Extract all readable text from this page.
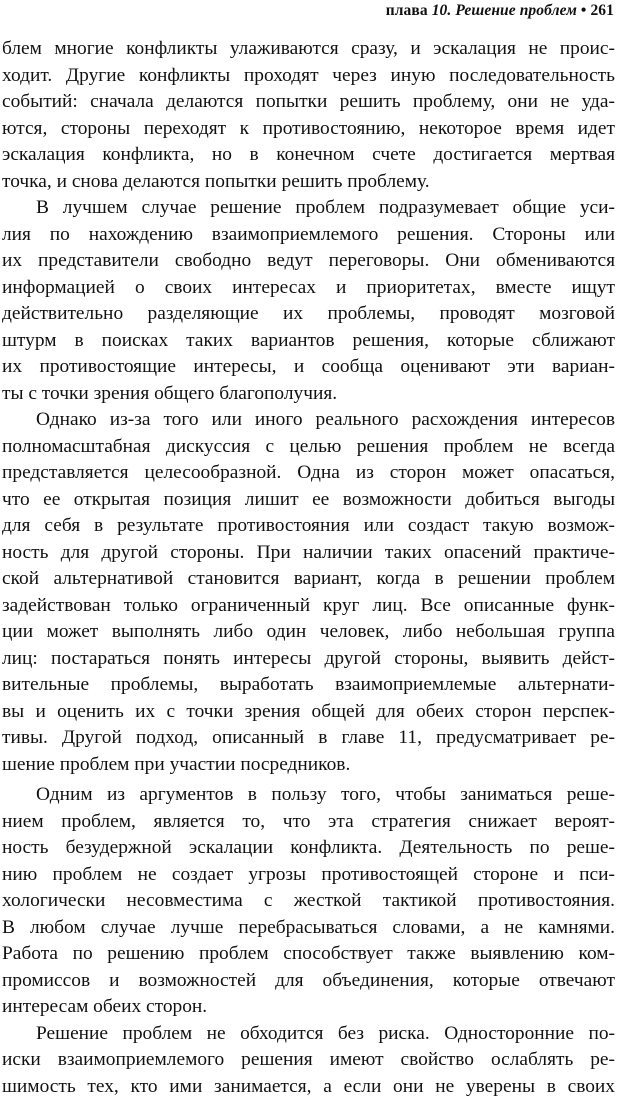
плава 10. Решение проблем • 261
блем многие конфликты улаживаются сразу, и эскалация не проис-
ходит. Другие конфликты проходят через иную последовательность
событий: сначала делаются попытки решить проблему, они не уда-
ются, стороны переходят к противостоянию, некоторое время идет
эскалация конфликта, но в конечном счете достигается мертвая
точка, и снова делаются попытки решить проблему.
В лучшем случае решение проблем подразумевает общие уси-
лия по нахождению взаимоприемлемого решения. Стороны или
их представители свободно ведут переговоры. Они обмениваются
информацией о своих интересах и приоритетах, вместе ищут
действительно разделяющие их проблемы, проводят мозговой
штурм в поисках таких вариантов решения, которые сближают
их противостоящие интересы, и сообща оценивают эти вариан-
ты с точки зрения общего благополучия.
Однако из-за того или иного реального расхождения интересов
полномасштабная дискуссия с целью решения проблем не всегда
представляется целесообразной. Одна из сторон может опасаться,
что ее открытая позиция лишит ее возможности добиться выгоды
для себя в результате противостояния или создаст такую возмож-
ность для другой стороны. При наличии таких опасений практиче-
ской альтернативой становится вариант, когда в решении проблем
задействован только ограниченный круг лиц. Все описанные функ-
ции может выполнять либо один человек, либо небольшая группа
лиц: постараться понять интересы другой стороны, выявить дейст-
вительные проблемы, выработать взаимоприемлемые альтернати-
вы и оценить их с точки зрения общей для обеих сторон перспек-
тивы. Другой подход, описанный в главе 11, предусматривает ре-
шение проблем при участии посредников.
Одним из аргументов в пользу того, чтобы заниматься реше-
нием проблем, является то, что эта стратегия снижает вероят-
ность безудержной эскалации конфликта. Деятельность по реше-
нию проблем не создает угрозы противостоящей стороне и пси-
хологически несовместима с жесткой тактикой противостояния.
В любом случае лучше перебрасываться словами, а не камнями.
Работа по решению проблем способствует также выявлению ком-
промиссов и возможностей для объединения, которые отвечают
интересам обеих сторон.
Решение проблем не обходится без риска. Односторонние по-
иски взаимоприемлемого решения имеют свойство ослаблять ре-
шимость тех, кто ими занимается, а если они не уверены в своих
